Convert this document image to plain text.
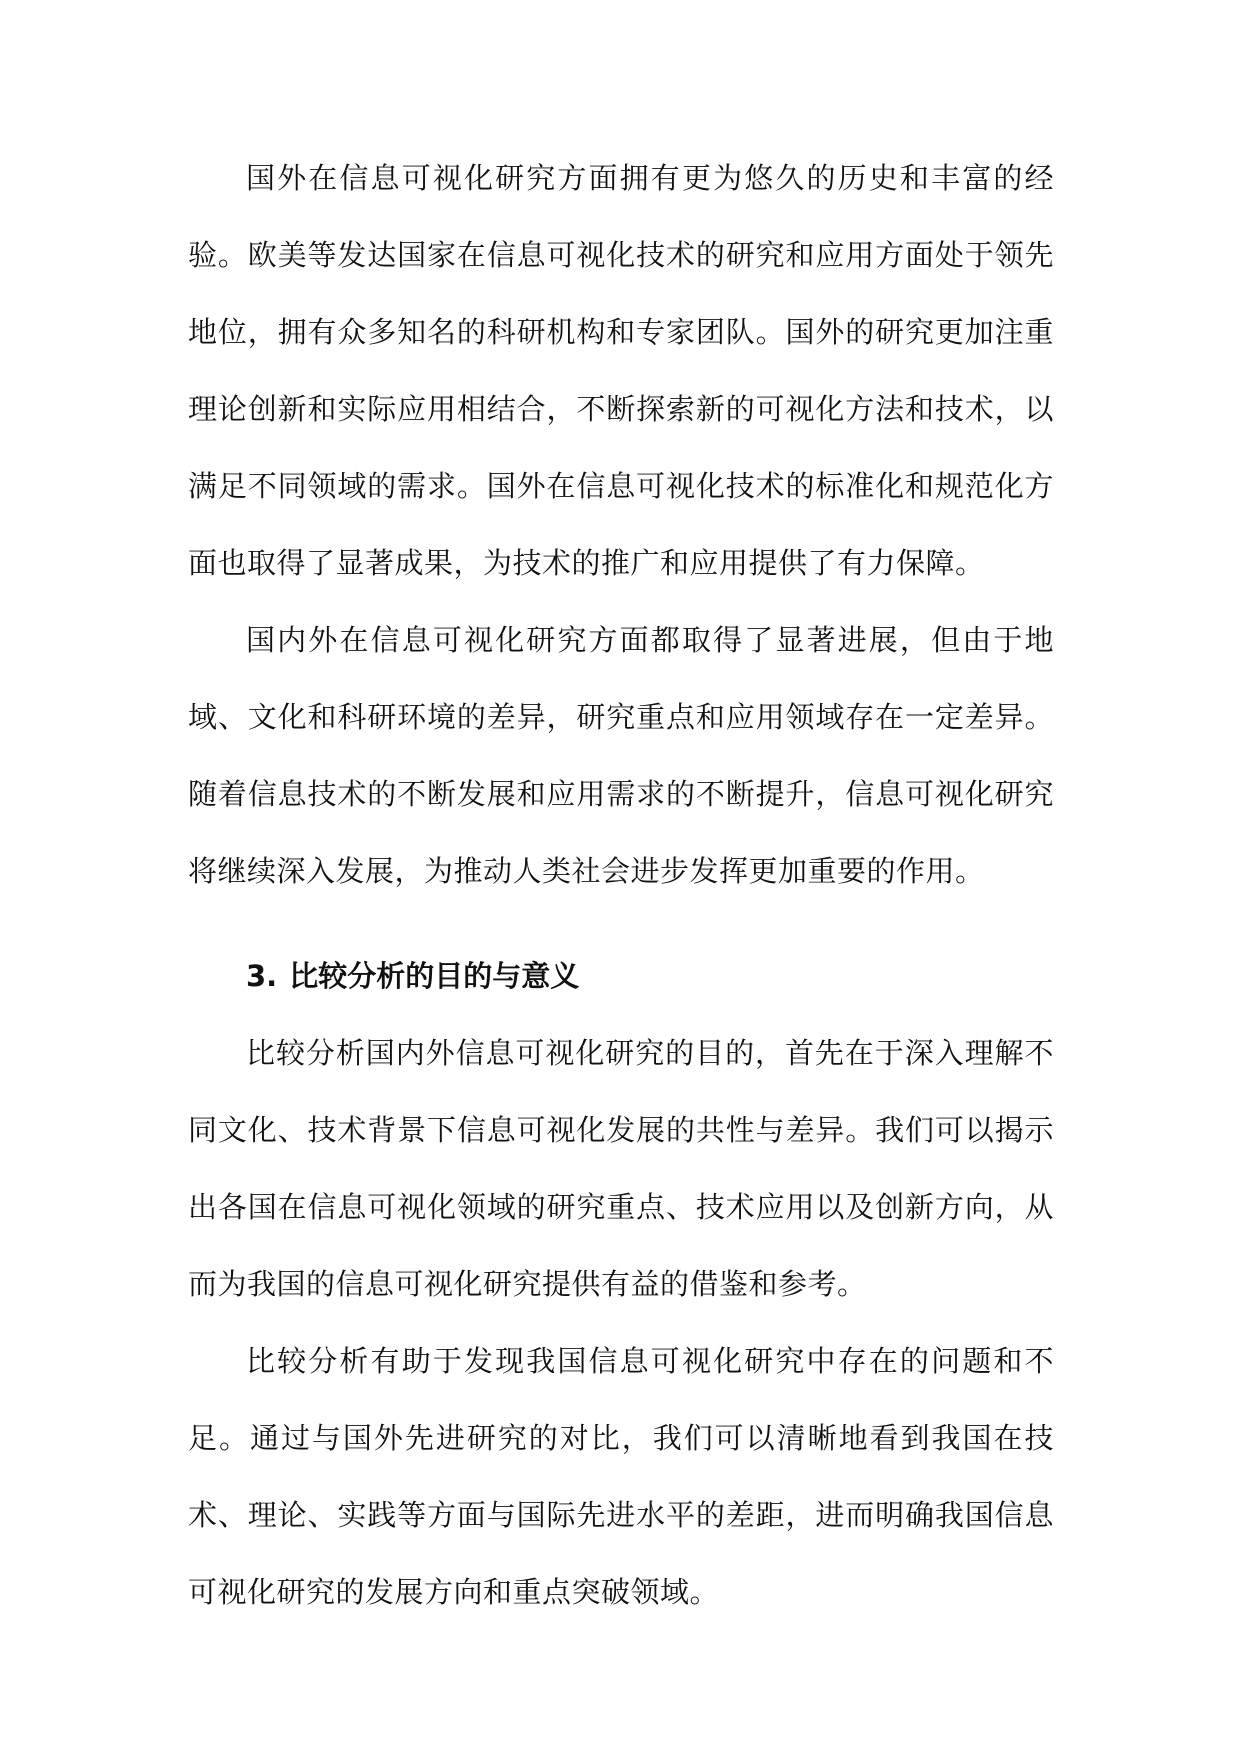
国外在信息可视化研究方面拥有更为悠久的历史和丰富的经验。欧美等发达国家在信息可视化技术的研究和应用方面处于领先地位，拥有众多知名的科研机构和专家团队。国外的研究更加注重理论创新和实际应用相结合，不断探索新的可视化方法和技术，以满足不同领域的需求。国外在信息可视化技术的标准化和规范化方面也取得了显著成果，为技术的推广和应用提供了有力保障。

国内外在信息可视化研究方面都取得了显著进展，但由于地域、文化和科研环境的差异，研究重点和应用领域存在一定差异。随着信息技术的不断发展和应用需求的不断提升，信息可视化研究将继续深入发展，为推动人类社会进步发挥更加重要的作用。

3. 比较分析的目的与意义

比较分析国内外信息可视化研究的目的，首先在于深入理解不同文化、技术背景下信息可视化发展的共性与差异。我们可以揭示出各国在信息可视化领域的研究重点、技术应用以及创新方向，从而为我国的信息可视化研究提供有益的借鉴和参考。

比较分析有助于发现我国信息可视化研究中存在的问题和不足。通过与国外先进研究的对比，我们可以清晰地看到我国在技术、理论、实践等方面与国际先进水平的差距，进而明确我国信息可视化研究的发展方向和重点突破领域。
